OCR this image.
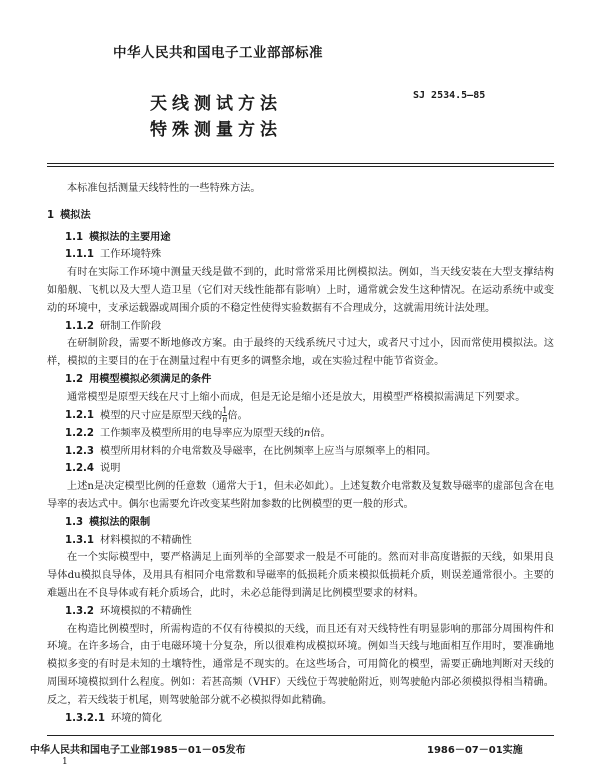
中华人民共和国电子工业部部标准
天线测试方法
特殊测量方法
SJ 2534.5—85

本标准包括测量天线特性的一些特殊方法。

1 模拟法

1.1 模拟法的主要用途

1.1.1 工作环境特殊

有时在实际工作环境中测量天线是做不到的，此时常常采用比例模拟法。例如，当天线安装在大型支撑结构如船舰、飞机以及大型人造卫星（它们对天线性能都有影响）上时，通常就会发生这种情况。在运动系统中或变动的环境中，支承运载器或周围介质的不稳定性使得实验数据有不合理成分，这就需用统计法处理。

1.1.2 研制工作阶段

在研制阶段，需要不断地修改方案。由于最终的天线系统尺寸过大，或者尺寸过小，因而常使用模拟法。这样，模拟的主要目的在于在测量过程中有更多的调整余地，或在实验过程中能节省资金。

1.2 用模型模拟必须满足的条件

通常模型是原型天线在尺寸上缩小而成，但是无论是缩小还是放大，用模型严格模拟需满足下列要求。

1.2.1 模型的尺寸应是原型天线的 $\frac{1}{n}$ 倍。

1.2.2 工作频率及模型所用的电导率应为原型天线的n倍。

1.2.3 模型所用材料的介电常数及导磁率，在比例频率上应当与原频率上的相同。

1.2.4 说明

上述n是决定模型比例的任意数（通常大于1，但未必如此）。上述复数介电常数及复数导磁率的虚部包含在电导率的表达式中。偶尔也需要允许改变某些附加参数的比例模型的更一般的形式。

1.3 模拟法的限制

1.3.1 材料模拟的不精确性

在一个实际模型中，要严格满足上面列举的全部要求一般是不可能的。然而对非高度谐振的天线，如果用良导体du模拟良导体，及用具有相同介电常数和导磁率的低损耗介质来模拟低损耗介质，则误差通常很小。主要的难题出在不良导体或有耗介质场合，此时，未必总能得到满足比例模型要求的材料。

1.3.2 环境模拟的不精确性

在构造比例模型时，所需构造的不仅有待模拟的天线，而且还有对天线特性有明显影响的那部分周围构件和环境。在许多场合，由于电磁环境十分复杂，所以很难构成模拟环境。例如当天线与地面相互作用时，要准确地模拟多变的有时是未知的土壤特性，通常是不现实的。在这些场合，可用简化的模型，需要正确地判断对天线的周围环境模拟到什么程度。例如：若甚高频（VHF）天线位于驾驶舱附近，则驾驶舱内部必须模拟得相当精确。反之，若天线装于机尾，则驾驶舱部分就不必模拟得如此精确。

1.3.2.1 环境的简化

中华人民共和国电子工业部1985－01－05发布	1986－07－01实施
1
